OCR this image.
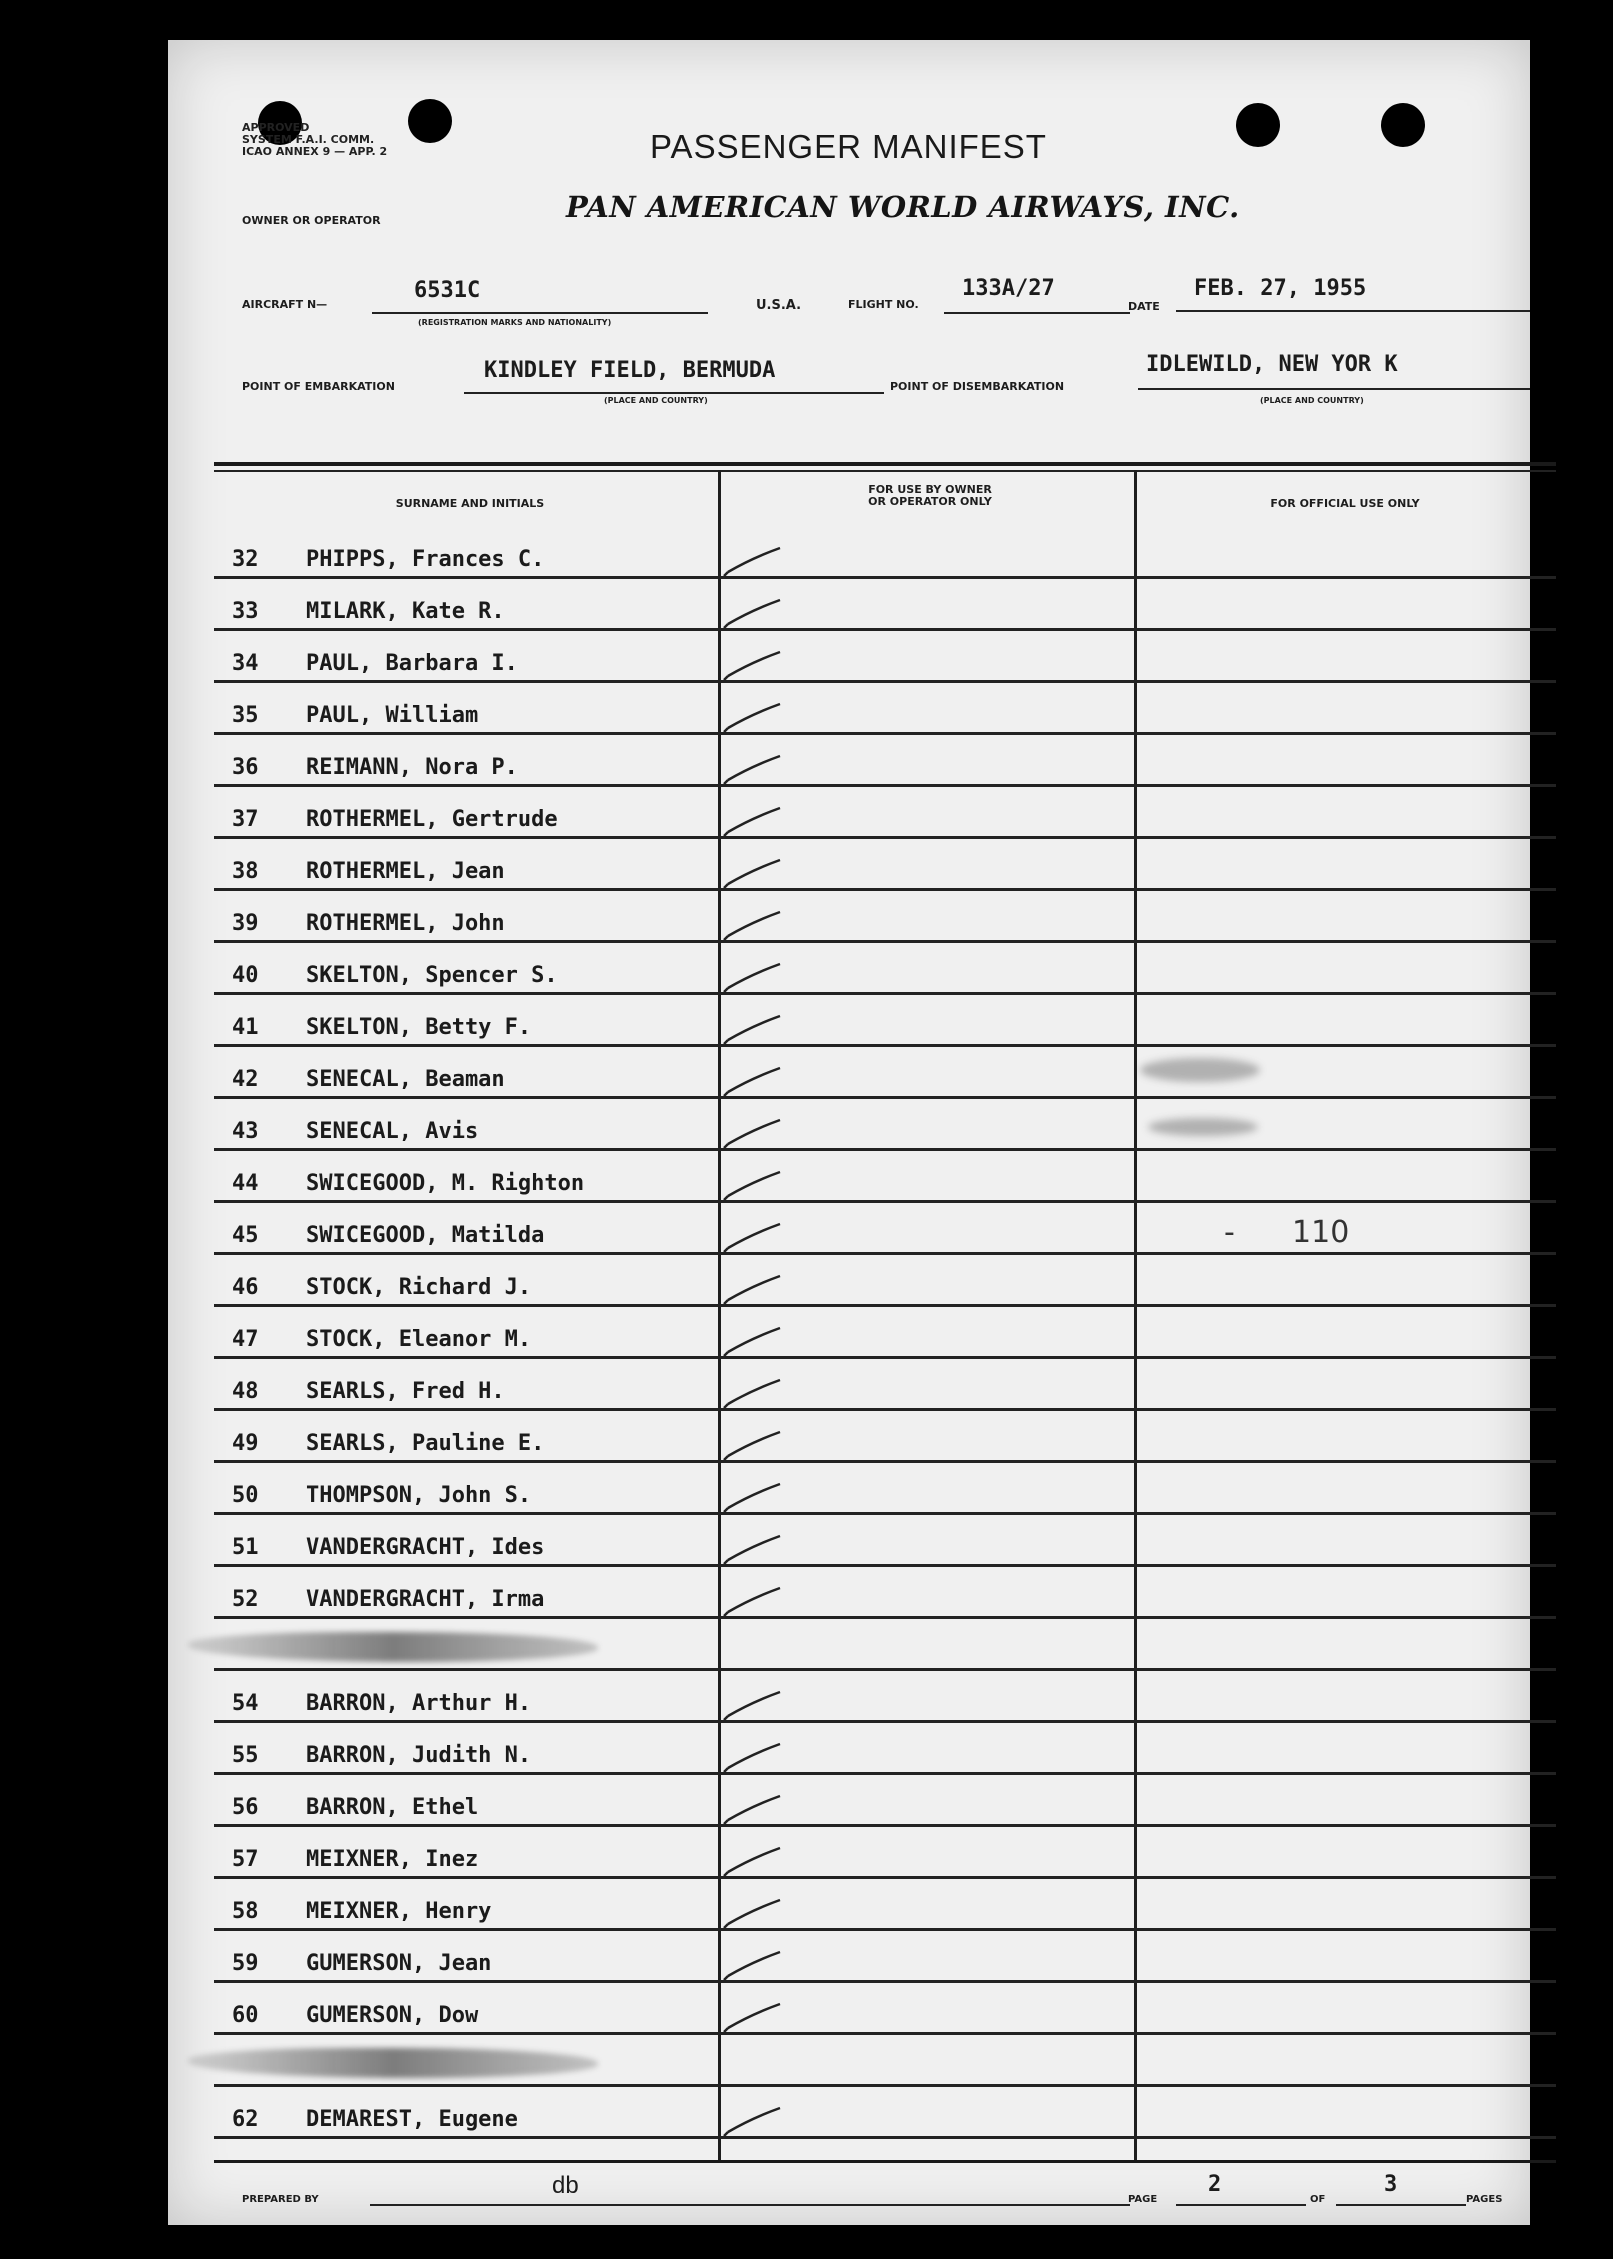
APPROVED
SYSTEM F.A.I. COMM.
ICAO ANNEX 9 — APP. 2	PASSENGER MANIFEST
PAN AMERICAN WORLD AIRWAYS, INC.
OWNER OR OPERATOR
AIRCRAFT N—
6531C
(REGISTRATION MARKS AND NATIONALITY)
U.S.A.	FLIGHT NO.
133A/27
DATE
FEB. 27, 1955
POINT OF EMBARKATION
KINDLEY FIELD, BERMUDA
(PLACE AND COUNTRY)
POINT OF DISEMBARKATION
IDLEWILD, NEW YOR K
(PLACE AND COUNTRY)
SURNAME AND INITIALS
FOR USE BY OWNER
OR OPERATOR ONLY	FOR OFFICIAL USE ONLY
32	PHIPPS, Frances C.
33	MILARK, Kate R.
34	PAUL, Barbara I.
35	PAUL, William
36	REIMANN, Nora P.
37	ROTHERMEL, Gertrude
38	ROTHERMEL, Jean
39	ROTHERMEL, John
40	SKELTON, Spencer S.
41	SKELTON, Betty F.
42	SENECAL, Beaman
43	SENECAL, Avis
44	SWICEGOOD, M. Righton
45	SWICEGOOD, Matilda	-      110
46	STOCK, Richard J.
47	STOCK, Eleanor M.
48	SEARLS, Fred H.
49	SEARLS, Pauline E.
50	THOMPSON, John S.
51	VANDERGRACHT, Ides
52	VANDERGRACHT, Irma
54	BARRON, Arthur H.
55	BARRON, Judith N.
56	BARRON, Ethel
57	MEIXNER, Inez
58	MEIXNER, Henry
59	GUMERSON, Jean
60	GUMERSON, Dow
62	DEMAREST, Eugene
PREPARED BY
db
PAGE
2
OF
3
PAGES
